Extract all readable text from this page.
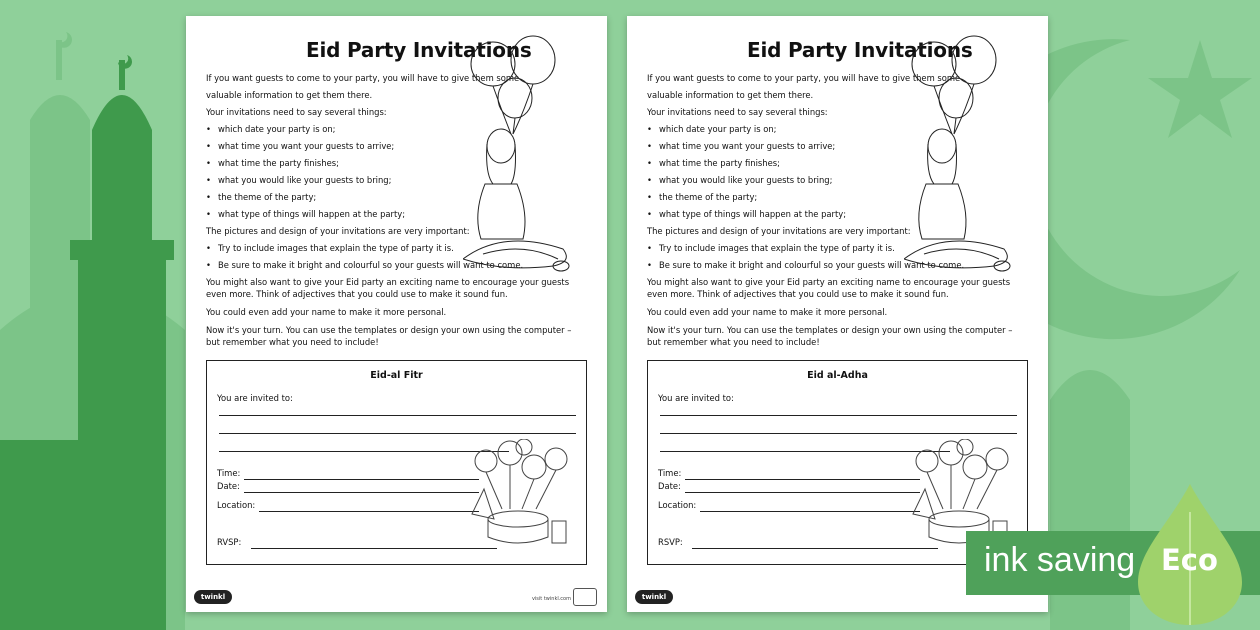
Eid Party Invitations

If you want guests to come to your party, you will have to give them some valuable information to get them there.

Your invitations need to say several things:

• which date your party is on;
• what time you want your guests to arrive;
• what time the party finishes;
• what you would like your guests to bring;
• the theme of the party;
• what type of things will happen at the party;

The pictures and design of your invitations are very important:

• Try to include images that explain the type of party it is.
• Be sure to make it bright and colourful so your guests will want to come.

You might also want to give your Eid party an exciting name to encourage your guests even more. Think of adjectives that you could use to make it sound fun.

You could even add your name to make it more personal.

Now it's your turn. You can use the templates or design your own using the computer – but remember what you need to include!

Eid-al Fitr
You are invited to:
Time:
Date:
Location:
RVSP:
twinkl	visit twinkl.com
Eid Party Invitations

If you want guests to come to your party, you will have to give them some valuable information to get them there.

Your invitations need to say several things:

• which date your party is on;
• what time you want your guests to arrive;
• what time the party finishes;
• what you would like your guests to bring;
• the theme of the party;
• what type of things will happen at the party;

The pictures and design of your invitations are very important:

• Try to include images that explain the type of party it is.
• Be sure to make it bright and colourful so your guests will want to come.

You might also want to give your Eid party an exciting name to encourage your guests even more. Think of adjectives that you could use to make it sound fun.

You could even add your name to make it more personal.

Now it's your turn. You can use the templates or design your own using the computer – but remember what you need to include!

Eid al-Adha
You are invited to:
Time:
Date:
Location:
RSVP:
twinkl
ink saving Eco
